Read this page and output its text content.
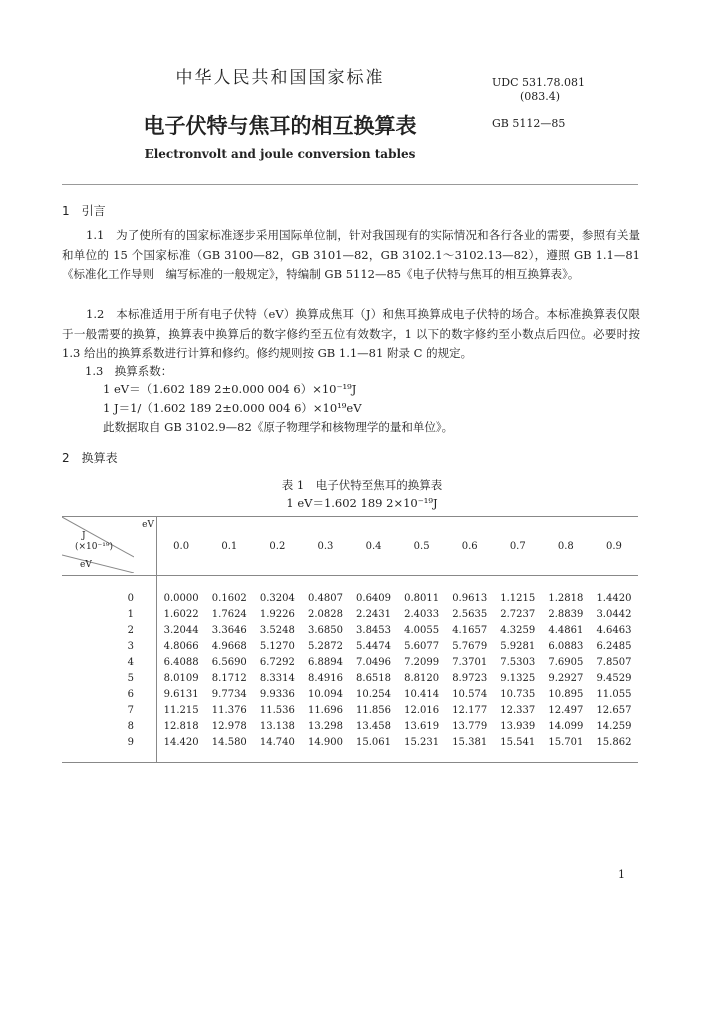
中华人民共和国国家标准	UDC 531.78.081
(083.4)
电子伏特与焦耳的相互换算表	GB 5112—85
Electronvolt and joule conversion tables
1　引言
1.1　为了使所有的国家标准逐步采用国际单位制，针对我国现有的实际情况和各行各业的需要，参照有关量和单位的 15 个国家标准（GB 3100—82，GB 3101—82，GB 3102.1～3102.13—82），遵照 GB 1.1—81《标准化工作导则　编写标准的一般规定》，特编制 GB 5112—85《电子伏特与焦耳的相互换算表》。
1.2　本标准适用于所有电子伏特（eV）换算成焦耳（J）和焦耳换算成电子伏特的场合。本标准换算表仅限于一般需要的换算，换算表中换算后的数字修约至五位有效数字，1 以下的数字修约至小数点后四位。必要时按 1.3 给出的换算系数进行计算和修约。修约规则按 GB 1.1—81 附录 C 的规定。
1.3　换算系数：
1 eV＝（1.602 189 2±0.000 004 6）×10⁻¹⁹J
1 J＝1/（1.602 189 2±0.000 004 6）×10¹⁹eV
此数据取自 GB 3102.9—82《原子物理学和核物理学的量和单位》。
2　换算表
表 1　电子伏特至焦耳的换算表
1 eV＝1.602 189 2×10⁻¹⁹J
eV
J
(×10⁻¹⁹)
eV	0.0	0.1	0.2	0.3	0.4	0.5	0.6	0.7	0.8	0.9
0	0.0000	0.1602	0.3204	0.4807	0.6409	0.8011	0.9613	1.1215	1.2818	1.4420
1	1.6022	1.7624	1.9226	2.0828	2.2431	2.4033	2.5635	2.7237	2.8839	3.0442
2	3.2044	3.3646	3.5248	3.6850	3.8453	4.0055	4.1657	4.3259	4.4861	4.6463
3	4.8066	4.9668	5.1270	5.2872	5.4474	5.6077	5.7679	5.9281	6.0883	6.2485
4	6.4088	6.5690	6.7292	6.8894	7.0496	7.2099	7.3701	7.5303	7.6905	7.8507
5	8.0109	8.1712	8.3314	8.4916	8.6518	8.8120	8.9723	9.1325	9.2927	9.4529
6	9.6131	9.7734	9.9336	10.094	10.254	10.414	10.574	10.735	10.895	11.055
7	11.215	11.376	11.536	11.696	11.856	12.016	12.177	12.337	12.497	12.657
8	12.818	12.978	13.138	13.298	13.458	13.619	13.779	13.939	14.099	14.259
9	14.420	14.580	14.740	14.900	15.061	15.231	15.381	15.541	15.701	15.862
1
